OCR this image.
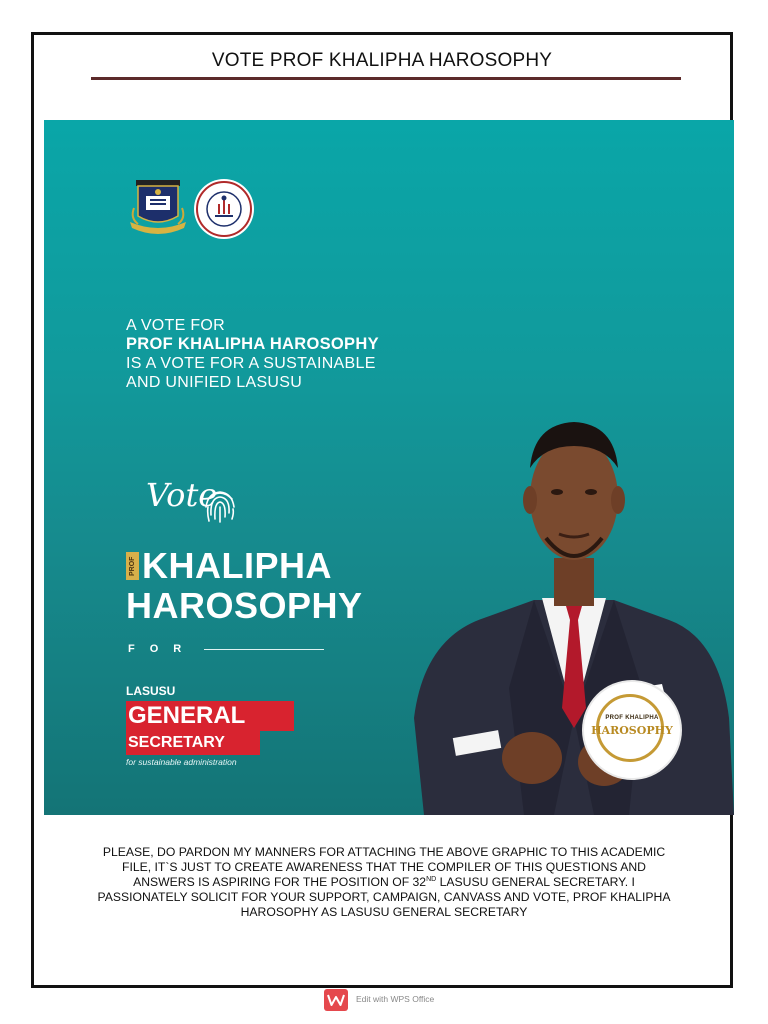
VOTE PROF KHALIPHA HAROSOPHY
A VOTE FOR
PROF KHALIPHA HAROSOPHY
IS A VOTE FOR A SUSTAINABLE
AND UNIFIED LASUSU
Vote
PROF KHALIPHA
HAROSOPHY
FOR
LASUSU
GENERAL
SECRETARY
for sustainable administration
PROF KHALIPHA
HAROSOPHY
PLEASE, DO PARDON MY MANNERS FOR ATTACHING THE ABOVE GRAPHIC TO THIS ACADEMIC FILE, IT`S JUST TO CREATE AWARENESS THAT THE COMPILER OF THIS QUESTIONS AND ANSWERS IS ASPIRING FOR THE POSITION OF 32ND LASUSU GENERAL SECRETARY. I PASSIONATELY SOLICIT FOR YOUR SUPPORT, CAMPAIGN, CANVASS AND VOTE, PROF KHALIPHA HAROSOPHY AS LASUSU GENERAL SECRETARY
Edit with WPS Office
